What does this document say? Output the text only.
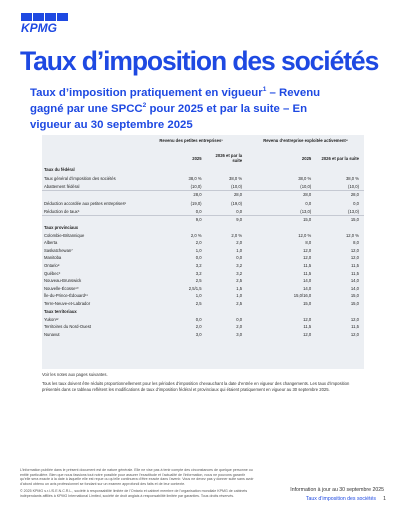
KPMG
Taux d’imposition des sociétés
Taux d’imposition pratiquement en vigueur$^1$ – Revenu gagné par une SPCC$^2$ pour 2025 et par la suite – En vigueur au 30 septembre 2025
	Revenu des petites entreprises³		Revenu d’entreprise exploitée activement⁴	
	2025	2026 et par la suite	2025	2026 et par la suite
Taux du fédéral				
Taux général d’imposition des sociétés	38,0 %	38,0 %	38,0 %	38,0 %
Abattement fédéral	(10,0)	(10,0)	(10,0)	(10,0)
	28,0	28,0	28,0	28,0
Déduction accordée aux petites entreprises⁵	(19,0)	(19,0)	0,0	0,0
Réduction de taux⁶	0,0	0,0	(13,0)	(13,0)
	9,0	9,0	15,0	15,0
Taux provinciaux				
Colombie-Britannique	2,0 %	2,0 %	12,0 %	12,0 %
Alberta	2,0	2,0	8,0	8,0
Saskatchewan⁷	1,0	1,0	12,0	12,0
Manitoba	0,0	0,0	12,0	12,0
Ontario⁸	3,2	3,2	11,5	11,5
Québec⁹	3,2	3,2	11,5	11,5
Nouveau-Brunswick	2,5	2,5	14,0	14,0
Nouvelle-Écosse¹⁰	2,5/1,5	1,5	14,0	14,0
Île-du-Prince-Édouard¹¹	1,0	1,0	15,0/16,0	15,0
Terre-Neuve-et-Labrador	2,5	2,5	15,0	15,0
Taux territoriaux				
Yukon¹²	0,0	0,0	12,0	12,0
Territoires du Nord-Ouest	2,0	2,0	11,5	11,5
Nunavut	3,0	3,0	12,0	12,0

Voir les notes aux pages suivantes.

Tous les taux doivent être réduits proportionnellement pour les périodes d’imposition chevauchant la date d’entrée en vigueur des changements. Les taux d’imposition présentés dans ce tableau reflètent les modifications de taux d’imposition fédéral et provinciaux qui étaient pratiquement en vigueur au 30 septembre 2025.

L’information publiée dans le présent document est de nature générale. Elle ne vise pas à tenir compte des circonstances de quelque personne ou entité particulière. Bien que nous fassions tout notre possible pour assurer l’exactitude et l’actualité de l’information, nous ne pouvons garantir qu’elle sera exacte à la date à laquelle elle est reçue ou qu’elle continuera d’être exacte dans l’avenir. Vous ne devez pas y donner suite sans avoir d’abord obtenu un avis professionnel se fondant sur un examen approfondi des faits et de leur contexte.

© 2025 KPMG s.r.l./S.E.N.C.R.L., société à responsabilité limitée de l’Ontario et cabinet membre de l’organisation mondiale KPMG de cabinets indépendants affiliés à KPMG International Limited, société de droit anglais à responsabilité limitée par garanties. Tous droits réservés.

Information à jour au 30 septembre 2025
Taux d’imposition des sociétés	1
